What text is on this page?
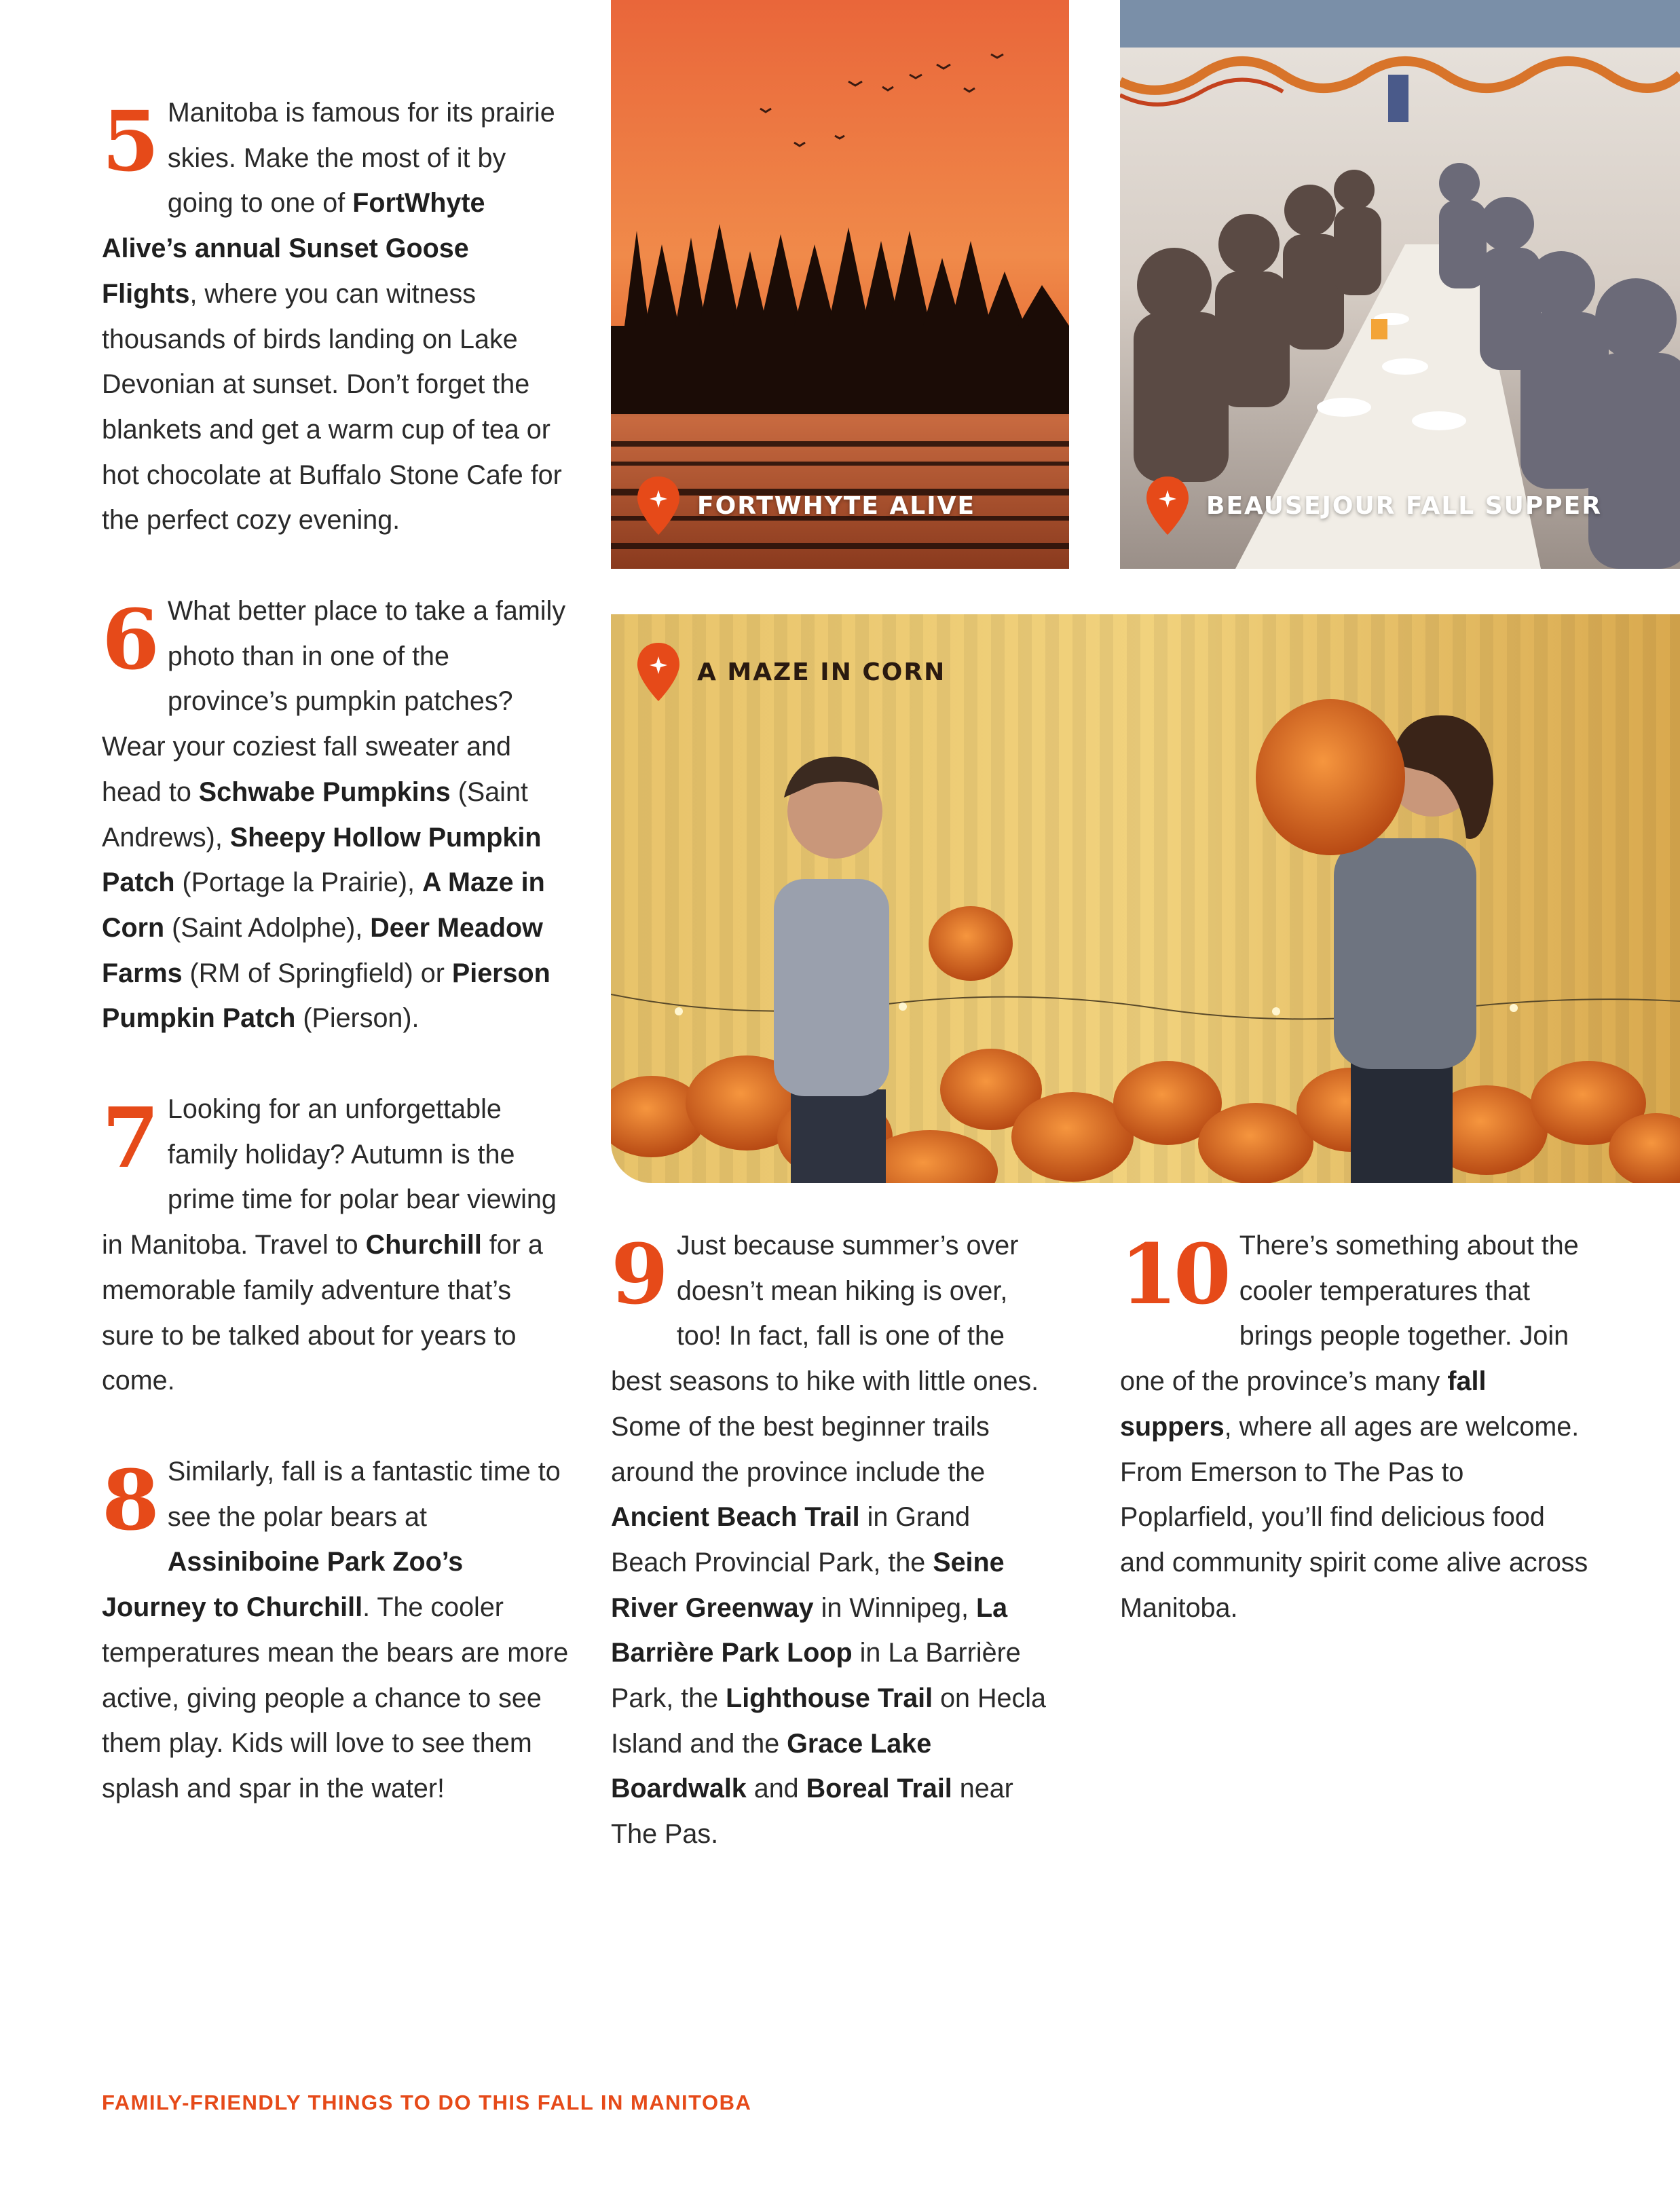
5 Manitoba is famous for its prairie skies. Make the most of it by going to one of FortWhyte Alive’s annual Sunset Goose Flights, where you can witness thousands of birds landing on Lake Devonian at sunset. Don’t forget the blankets and get a warm cup of tea or hot chocolate at Buffalo Stone Cafe for the perfect cozy evening.
6 What better place to take a family photo than in one of the province’s pumpkin patches? Wear your coziest fall sweater and head to Schwabe Pumpkins (Saint Andrews), Sheepy Hollow Pumpkin Patch (Portage la Prairie), A Maze in Corn (Saint Adolphe), Deer Meadow Farms (RM of Springfield) or Pierson Pumpkin Patch (Pierson).
7 Looking for an unforgettable family holiday? Autumn is the prime time for polar bear viewing in Manitoba. Travel to Churchill for a memorable family adventure that’s sure to be talked about for years to come.
8 Similarly, fall is a fantastic time to see the polar bears at Assiniboine Park Zoo’s Journey to Churchill. The cooler temperatures mean the bears are more active, giving people a chance to see them play. Kids will love to see them splash and spar in the water!
9 Just because summer’s over doesn’t mean hiking is over, too! In fact, fall is one of the best seasons to hike with little ones. Some of the best beginner trails around the province include the Ancient Beach Trail in Grand Beach Provincial Park, the Seine River Greenway in Winnipeg, La Barrière Park Loop in La Barrière Park, the Lighthouse Trail on Hecla Island and the Grace Lake Boardwalk and Boreal Trail near The Pas.
10 There’s something about the cooler temperatures that brings people together. Join one of the province’s many fall suppers, where all ages are welcome. From Emerson to The Pas to Poplarfield, you’ll find delicious food and community spirit come alive across Manitoba.
FORTWHYTE ALIVE	BEAUSEJOUR FALL SUPPER
A MAZE IN CORN
FAMILY-FRIENDLY THINGS TO DO THIS FALL IN MANITOBA
